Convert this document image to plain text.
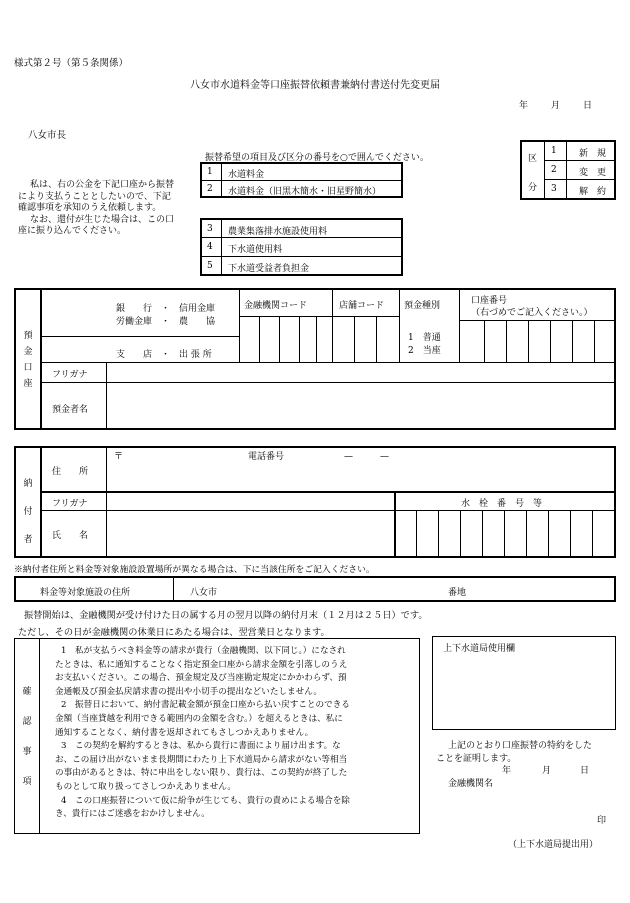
様式第２号（第５条関係）
八女市水道料金等口座振替依頼書兼納付書送付先変更届
年	月	日
八女市長
振替希望の項目及び区分の番号を○で囲んでください。
私は、右の公金を下記口座から振替
により支払うこととしたいので、下記
確認事項を承知のうえ依頼します。
なお、還付が生じた場合は、この口
座に振り込んでください。
1 水道料金
2 水道料金（旧黒木簡水・旧星野簡水）
3 農業集落排水施設使用料
4 下水道使用料
5 下水道受益者負担金
区
分
1 新　規
2 変　更
3 解　約
預
金
口
座
銀　　行　・　信用金庫
労働金庫　・　農　　協
支　　店　・　出 張 所
金融機関コード	店舗コード 預金種別
1　普通
2　当座
口座番号
（右づめでご記入ください。）
フリガナ
預金者名
納
付
者
住　　所
〒	電話番号	—　　　—
フリガナ
氏　　名
水　栓　番　号　等
※納付者住所と料金等対象施設設置場所が異なる場合は、下に当該住所をご記入ください。
料金等対象施設の住所	八女市	番地
振替開始は、金融機関が受け付けた日の属する月の翌月以降の納付月末（１２月は２５日）です。
ただし、その日が金融機関の休業日にあたる場合は、翌営業日となります。
確
認
事
項

1　私が支払うべき料金等の請求が貴行（金融機関、以下同じ。）になされ

たときは、私に通知することなく指定預金口座から請求金額を引落しのうえ

お支払いください。この場合、預金規定及び当座勘定規定にかかわらず、預

金通帳及び預金払戻請求書の提出や小切手の提出などいたしません。

2　振替日において、納付書記載金額が預金口座から払い戻すことのできる

金額（当座貸越を利用できる範囲内の金額を含む。）を超えるときは、私に

通知することなく、納付書を返却されてもさしつかえありません。

3　この契約を解約するときは、私から貴行に書面により届け出ます。な

お、この届け出がないまま長期間にわたり上下水道局から請求がない等相当

の事由があるときは、特に申出をしない限り、貴行は、この契約が終了した

ものとして取り扱ってさしつかえありません。

4　この口座振替について仮に紛争が生じても、貴行の責めによる場合を除

き、貴行にはご迷惑をおかけしません。

上下水道局使用欄
上記のとおり口座振替の特約をした
ことを証明します。
年	月	日
金融機関名
印
（上下水道局提出用）
